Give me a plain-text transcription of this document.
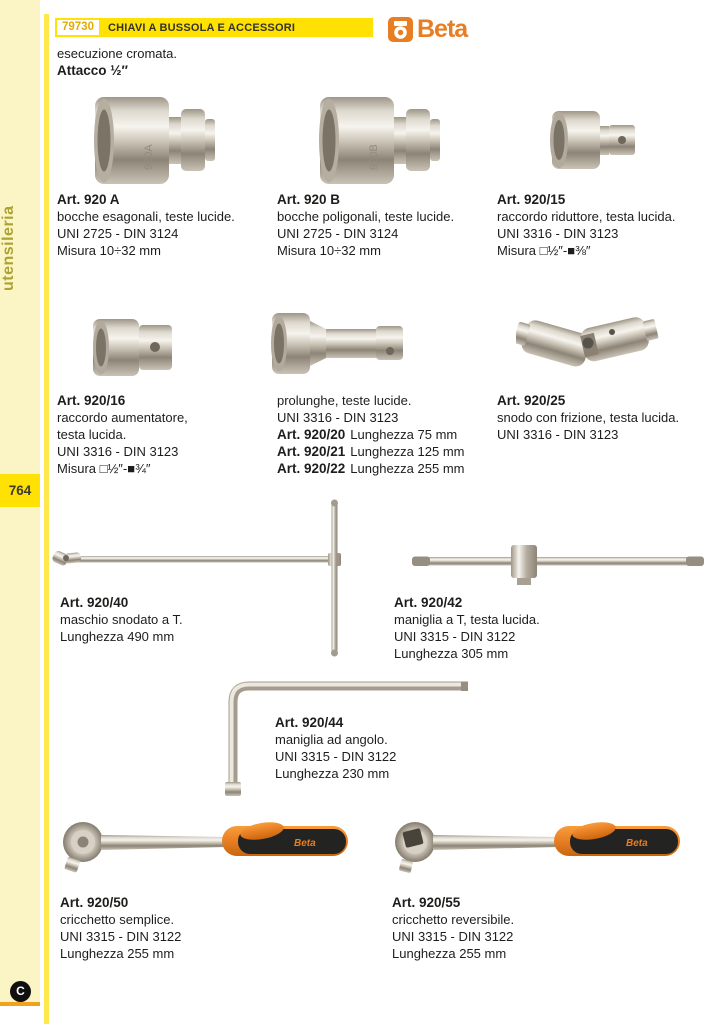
utensileria
764
C
79730	CHIAVI A BUSSOLA E ACCESSORI	Beta
esecuzione cromata.
Attacco ½″
920A	920B
Art. 920 A
bocche esagonali, teste lucide.
UNI 2725 - DIN 3124
Misura 10÷32 mm
Art. 920 B
bocche poligonali, teste lucide.
UNI 2725 - DIN 3124
Misura 10÷32 mm
Art. 920/15
raccordo riduttore, testa lucida.
UNI 3316 - DIN 3123
Misura □½″-■⅜″
Art. 920/16
raccordo aumentatore,
testa lucida.
UNI 3316 - DIN 3123
Misura □½″-■¾″
prolunghe, teste lucide.
UNI 3316 - DIN 3123
Art. 920/20 Lunghezza 75 mm
Art. 920/21 Lunghezza 125 mm
Art. 920/22 Lunghezza 255 mm
Art. 920/25
snodo con frizione, testa lucida.
UNI 3316 - DIN 3123
Art. 920/40
maschio snodato a T.
Lunghezza 490 mm
Art. 920/42
maniglia a T, testa lucida.
UNI 3315 - DIN 3122
Lunghezza 305 mm
Art. 920/44
maniglia ad angolo.
UNI 3315 - DIN 3122
Lunghezza 230 mm
Beta	Beta
Art. 920/50
cricchetto semplice.
UNI 3315 - DIN 3122
Lunghezza 255 mm
Art. 920/55
cricchetto reversibile.
UNI 3315 - DIN 3122
Lunghezza 255 mm
